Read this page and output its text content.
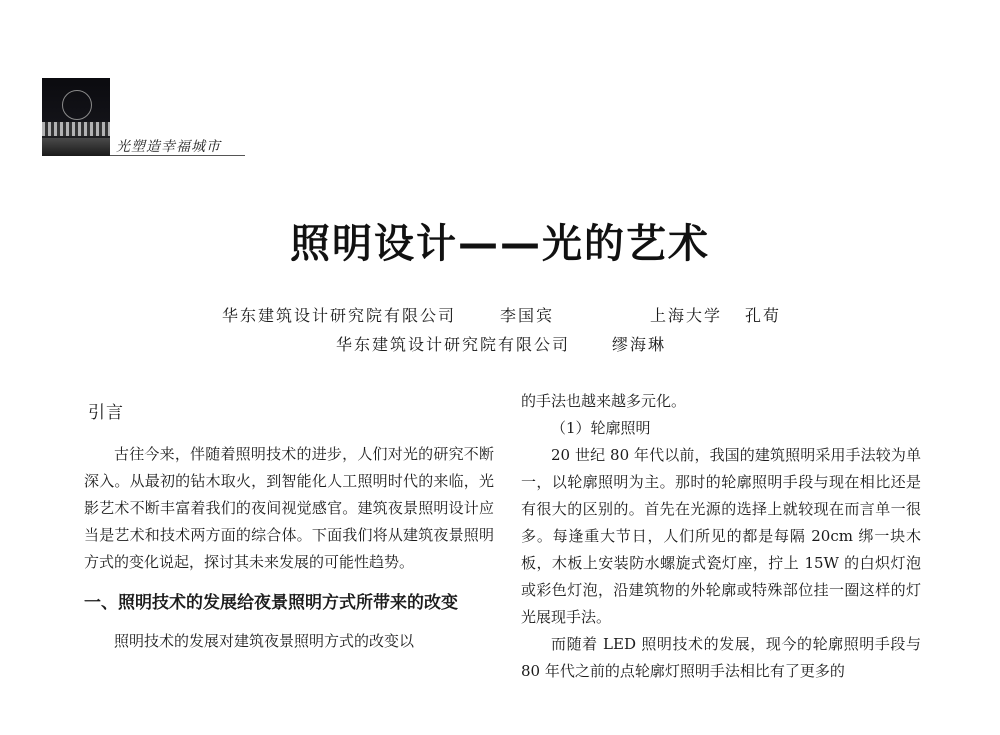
光塑造幸福城市
照明设计——光的艺术
华东建筑设计研究院有限公司	李国宾	上海大学 孔荀
华东建筑设计研究院有限公司	缪海琳
引言

古往今来，伴随着照明技术的进步，人们对光的研究不断深入。从最初的钻木取火，到智能化人工照明时代的来临，光影艺术不断丰富着我们的夜间视觉感官。建筑夜景照明设计应当是艺术和技术两方面的综合体。下面我们将从建筑夜景照明方式的变化说起，探讨其未来发展的可能性趋势。

一、照明技术的发展给夜景照明方式所带来的改变

照明技术的发展对建筑夜景照明方式的改变以

的手法也越来越多元化。

（1）轮廓照明

20 世纪 80 年代以前，我国的建筑照明采用手法较为单一，以轮廓照明为主。那时的轮廓照明手段与现在相比还是有很大的区别的。首先在光源的选择上就较现在而言单一很多。每逢重大节日，人们所见的都是每隔 20cm 绑一块木板，木板上安装防水螺旋式瓷灯座，拧上 15W 的白炽灯泡或彩色灯泡，沿建筑物的外轮廓或特殊部位挂一圈这样的灯光展现手法。

而随着 LED 照明技术的发展，现今的轮廓照明手段与 80 年代之前的点轮廓灯照明手法相比有了更多的
